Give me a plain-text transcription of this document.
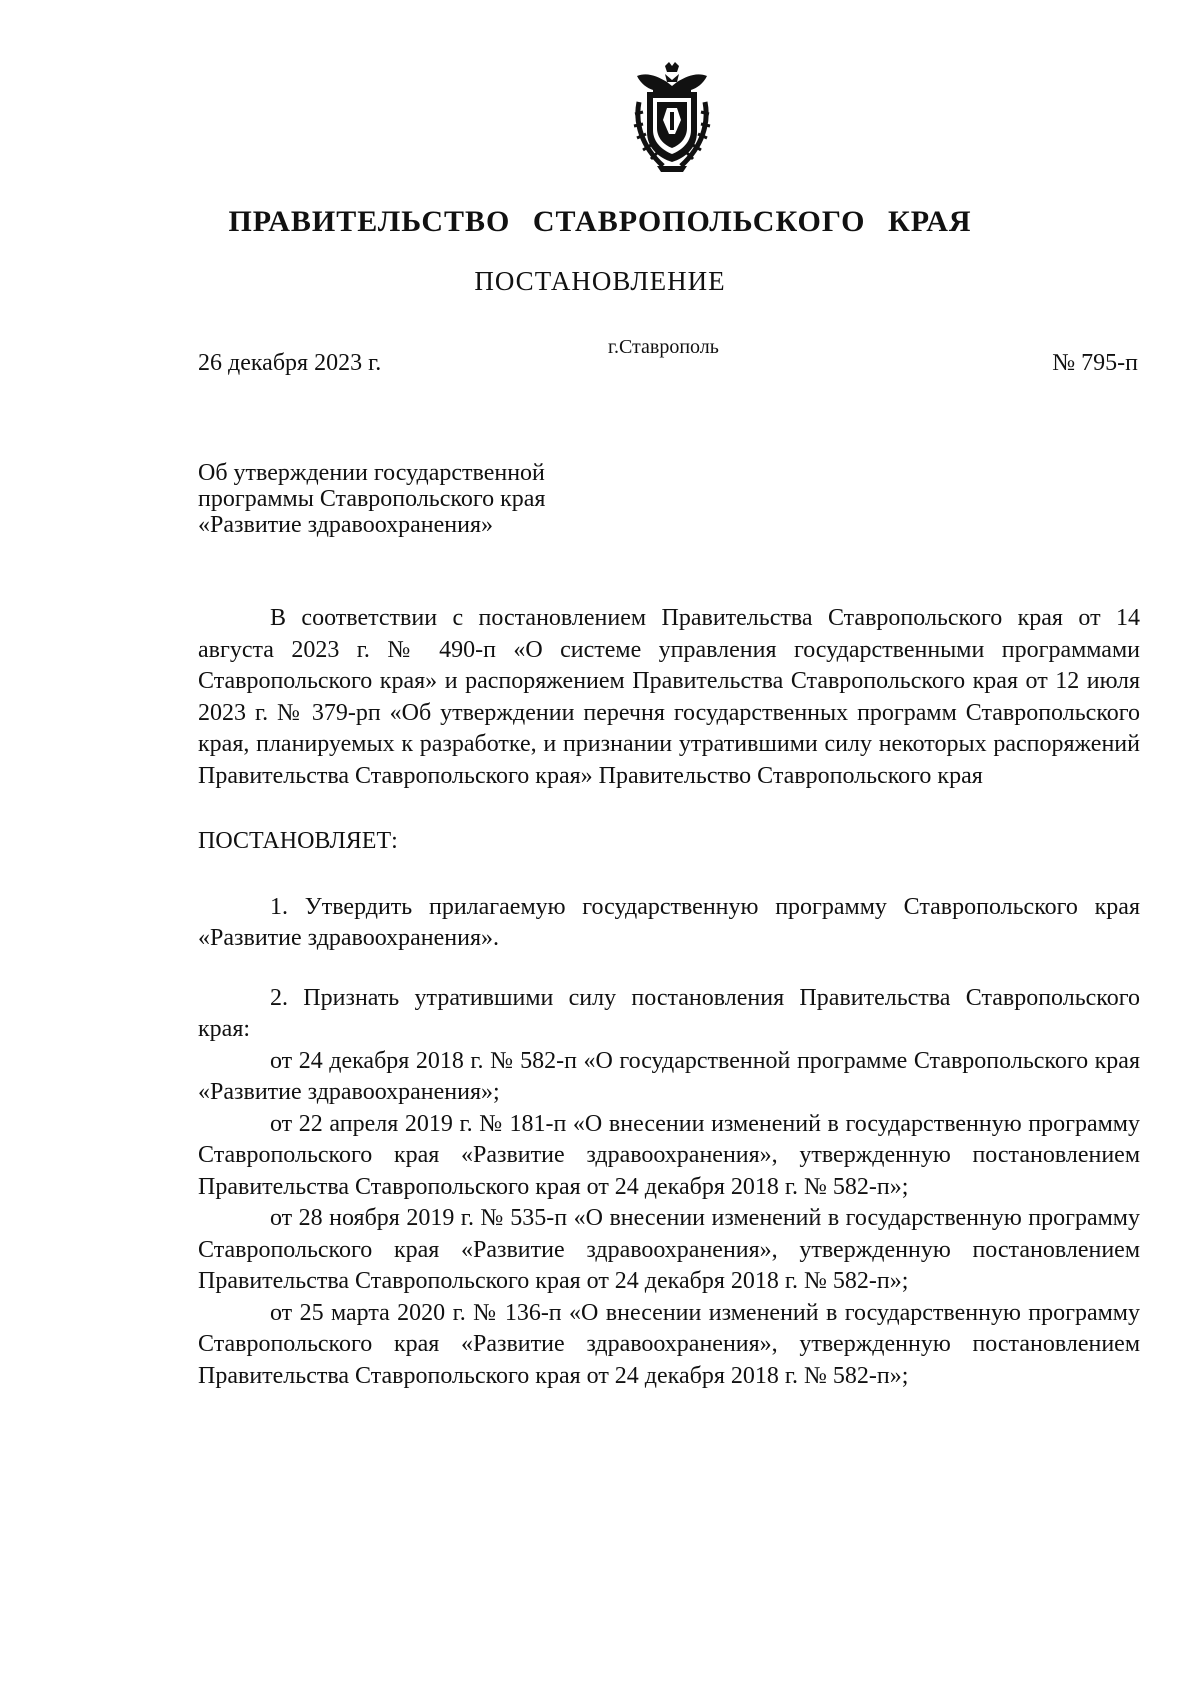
ПРАВИТЕЛЬСТВО СТАВРОПОЛЬСКОГО КРАЯ
ПОСТАНОВЛЕНИЕ
26 декабря 2023 г.
г.Ставрополь
№ 795-п
Об утверждении государственной
программы Ставропольского края
«Развитие здравоохранения»

В соответствии с постановлением Правительства Ставропольского края от 14 августа 2023 г. № 490-п «О системе управления государственными программами Ставропольского края» и распоряжением Правительства Ставропольского края от 12 июля 2023 г. № 379-рп «Об утверждении перечня государственных программ Ставропольского края, планируемых к разработке, и признании утратившими силу некоторых распоряжений Правительства Ставропольского края» Правительство Ставропольского края

ПОСТАНОВЛЯЕТ:

1. Утвердить прилагаемую государственную программу Ставропольского края «Развитие здравоохранения».

2. Признать утратившими силу постановления Правительства Ставропольского края:

от 24 декабря 2018 г. № 582-п «О государственной программе Ставропольского края «Развитие здравоохранения»;

от 22 апреля 2019 г. № 181-п «О внесении изменений в государственную программу Ставропольского края «Развитие здравоохранения», утвержденную постановлением Правительства Ставропольского края от 24 декабря 2018 г. № 582-п»;

от 28 ноября 2019 г. № 535-п «О внесении изменений в государственную программу Ставропольского края «Развитие здравоохранения», утвержденную постановлением Правительства Ставропольского края от 24 декабря 2018 г. № 582-п»;

от 25 марта 2020 г. № 136-п «О внесении изменений в государственную программу Ставропольского края «Развитие здравоохранения», утвержденную постановлением Правительства Ставропольского края от 24 декабря 2018 г. № 582-п»;
